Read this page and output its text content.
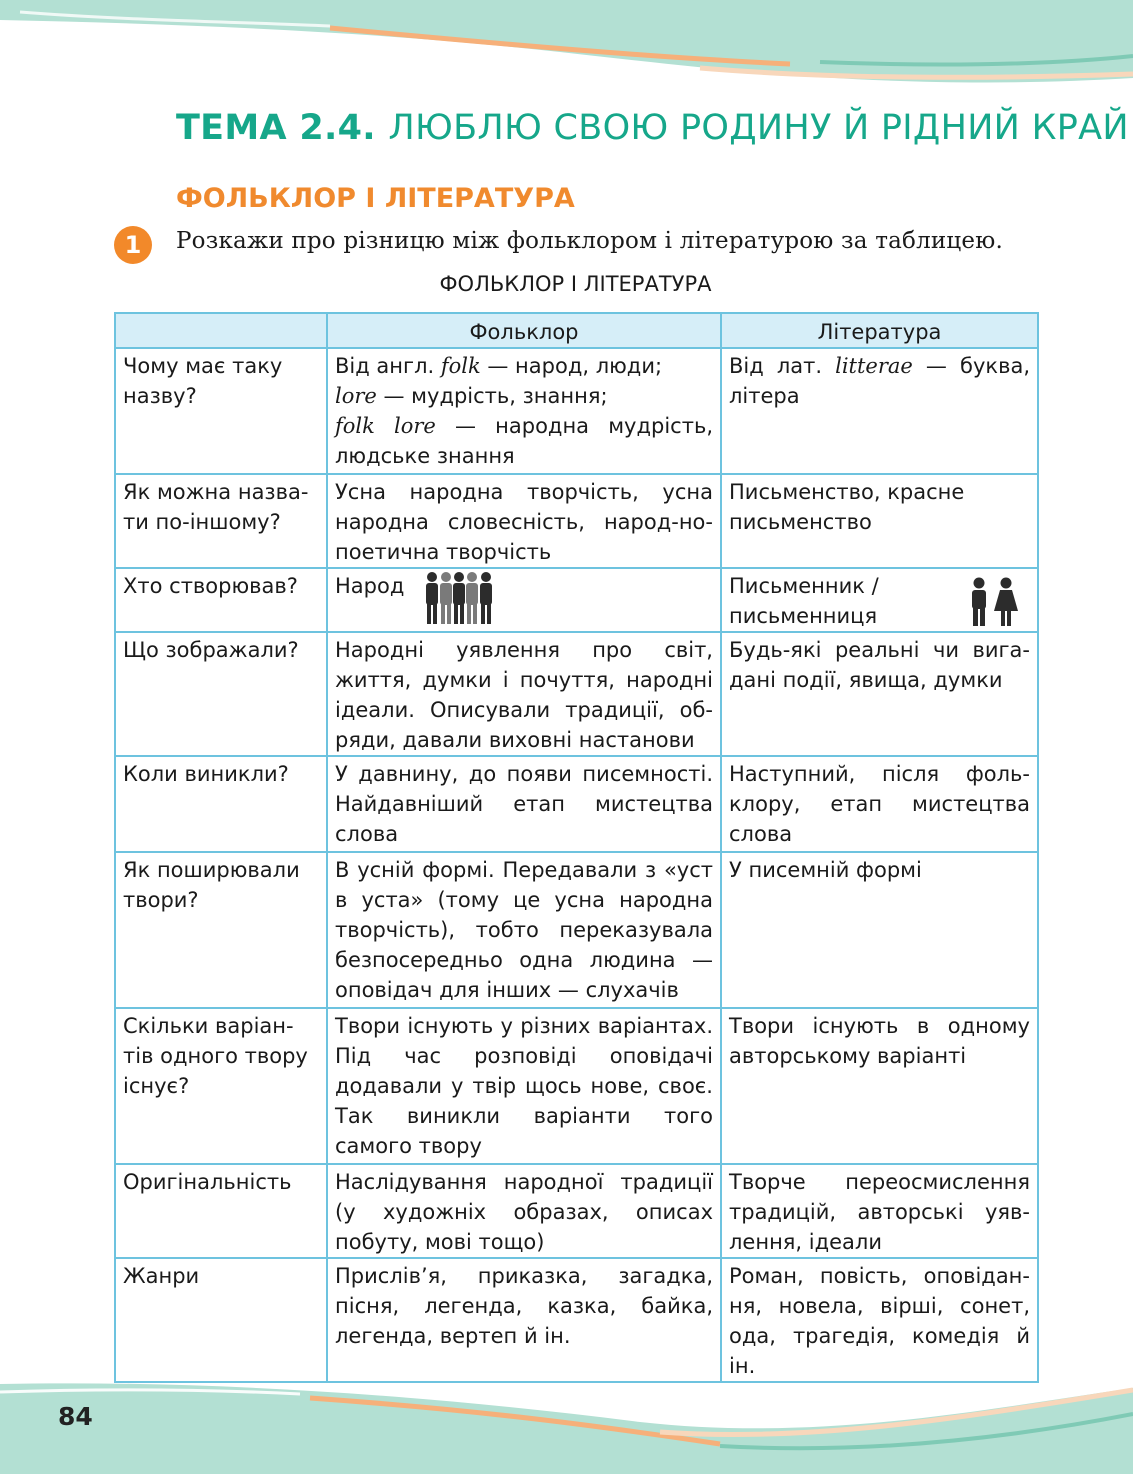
ТЕМА 2.4. ЛЮБЛЮ СВОЮ РОДИНУ Й РІДНИЙ КРАЙ
ФОЛЬКЛОР І ЛІТЕРАТУРА
1	Розкажи про різницю між фольклором і літературою за таблицею.
ФОЛЬКЛОР І ЛІТЕРАТУРА
	Фольклор	Література
Чому має таку назву?	Від англ. folk — народ, люди;
lore — мудрість, знання;
folk lore — народна мудрість, людське знання	Від лат. litterae — буква, літера
Як можна назва-ти по-іншому?	Усна народна творчість, усна народна словесність, народ-но-поетична творчість	Письменство, красне письменство
Хто створював?	Народ	Письменник / письменниця

Що зображали?	Народні уявлення про світ, життя, думки і почуття, народні ідеали. Описували традиції, об-ряди, давали виховні настанови	Будь-які реальні чи вига-дані події, явища, думки
Коли виникли?	У давнину, до появи писемності. Найдавніший етап мистецтва слова	Наступний, після фоль-клору, етап мистецтва слова
Як поширювали твори?	В усній формі. Передавали з «уст в уста» (тому це усна народна творчість), тобто переказувала безпосередньо одна людина — оповідач для інших — слухачів	У писемній формі
Скільки варіан-тів одного твору існує?	Твори існують у різних варіантах. Під час розповіді оповідачі додавали у твір щось нове, своє. Так виникли варіанти того самого твору	Твори існують в одному авторському варіанті
Оригінальність	Наслідування народної традиції (у художніх образах, описах побуту, мові тощо)	Творче переосмислення традицій, авторські уяв-лення, ідеали
Жанри	Прислів’я, приказка, загадка, пісня, легенда, казка, байка, легенда, вертеп й ін.	Роман, повість, оповідан-ня, новела, вірші, сонет, ода, трагедія, комедія й ін.
84
